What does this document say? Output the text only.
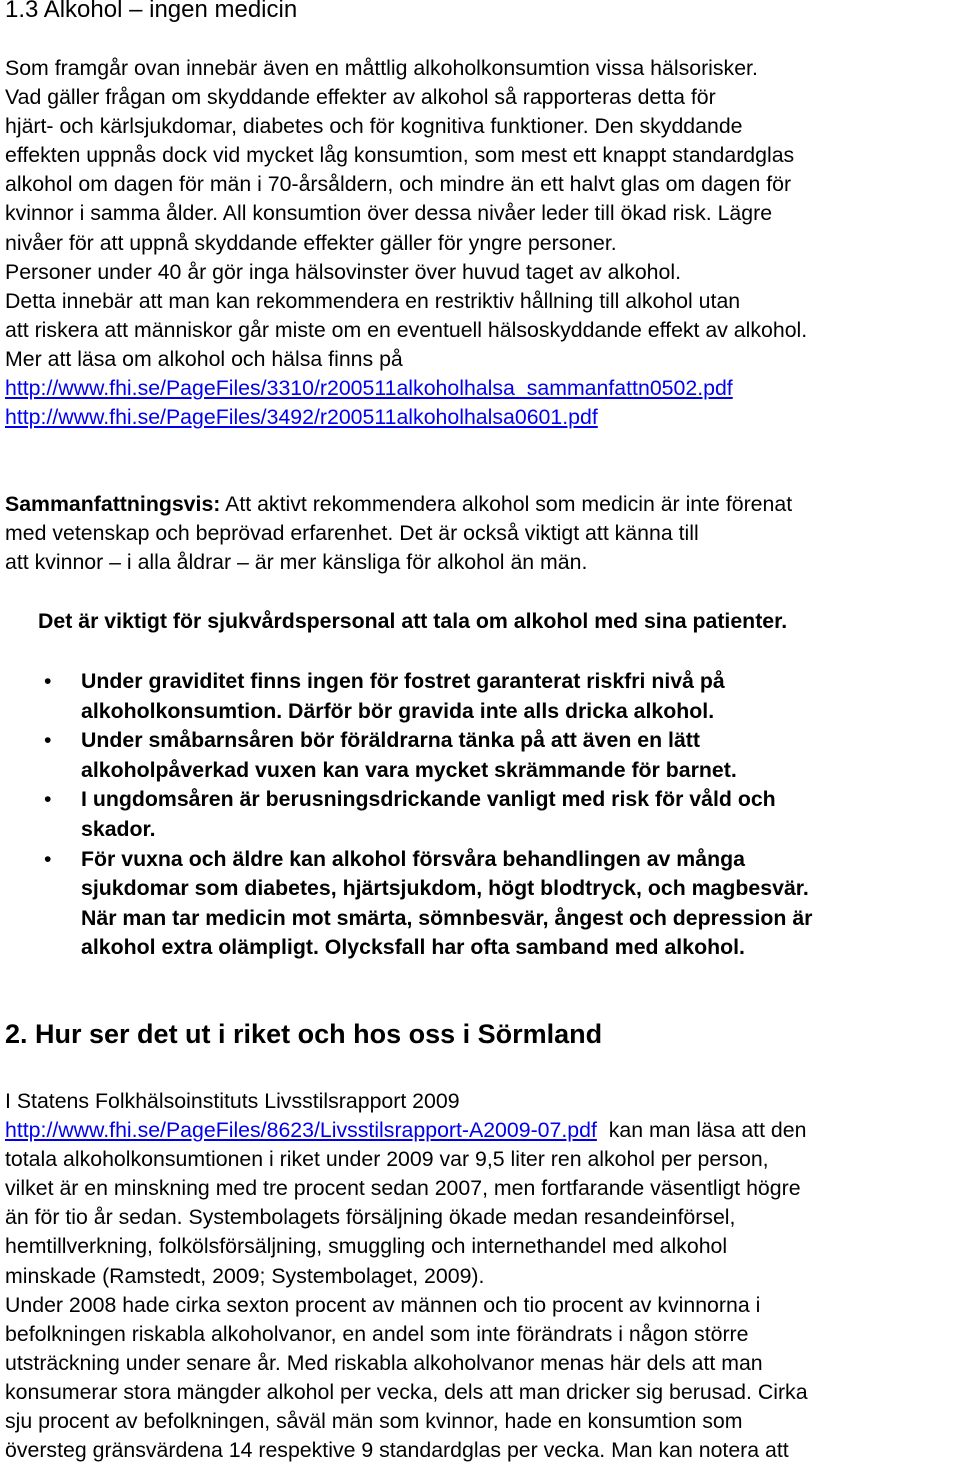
1.3 Alkohol – ingen medicin

Som framgår ovan innebär även en måttlig alkoholkonsumtion vissa hälsorisker.

Vad gäller frågan om skyddande effekter av alkohol så rapporteras detta för

hjärt- och kärlsjukdomar, diabetes och för kognitiva funktioner. Den skyddande

effekten uppnås dock vid mycket låg konsumtion, som mest ett knappt standardglas

alkohol om dagen för män i 70-årsåldern, och mindre än ett halvt glas om dagen för

kvinnor i samma ålder. All konsumtion över dessa nivåer leder till ökad risk. Lägre

nivåer för att uppnå skyddande effekter gäller för yngre personer.

Personer under 40 år gör inga hälsovinster över huvud taget av alkohol.

Detta innebär att man kan rekommendera en restriktiv hållning till alkohol utan

att riskera att människor går miste om en eventuell hälsoskyddande effekt av alkohol.

Mer att läsa om alkohol och hälsa finns på

http://www.fhi.se/PageFiles/3310/r200511alkoholhalsa_sammanfattn0502.pdf

http://www.fhi.se/PageFiles/3492/r200511alkoholhalsa0601.pdf

Sammanfattningsvis: Att aktivt rekommendera alkohol som medicin är inte förenat

med vetenskap och beprövad erfarenhet. Det är också viktigt att känna till

att kvinnor – i alla åldrar – är mer känsliga för alkohol än män.

Det är viktigt för sjukvårdspersonal att tala om alkohol med sina patienter.

• Under graviditet finns ingen för fostret garanterat riskfri nivå på

alkoholkonsumtion. Därför bör gravida inte alls dricka alkohol.

• Under småbarnsåren bör föräldrarna tänka på att även en lätt

alkoholpåverkad vuxen kan vara mycket skrämmande för barnet.

• I ungdomsåren är berusningsdrickande vanligt med risk för våld och

skador.

• För vuxna och äldre kan alkohol försvåra behandlingen av många

sjukdomar som diabetes, hjärtsjukdom, högt blodtryck, och magbesvär.

När man tar medicin mot smärta, sömnbesvär, ångest och depression är

alkohol extra olämpligt. Olycksfall har ofta samband med alkohol.

2. Hur ser det ut i riket och hos oss i Sörmland

I Statens Folkhälsoinstituts Livsstilsrapport 2009

http://www.fhi.se/PageFiles/8623/Livsstilsrapport-A2009-07.pdf  kan man läsa att den

totala alkoholkonsumtionen i riket under 2009 var 9,5 liter ren alkohol per person,

vilket är en minskning med tre procent sedan 2007, men fortfarande väsentligt högre

än för tio år sedan. Systembolagets försäljning ökade medan resandeinförsel,

hemtillverkning, folkölsförsäljning, smuggling och internethandel med alkohol

minskade (Ramstedt, 2009; Systembolaget, 2009).

Under 2008 hade cirka sexton procent av männen och tio procent av kvinnorna i

befolkningen riskabla alkoholvanor, en andel som inte förändrats i någon större

utsträckning under senare år. Med riskabla alkoholvanor menas här dels att man

konsumerar stora mängder alkohol per vecka, dels att man dricker sig berusad. Cirka

sju procent av befolkningen, såväl män som kvinnor, hade en konsumtion som

översteg gränsvärdena 14 respektive 9 standardglas per vecka. Man kan notera att
